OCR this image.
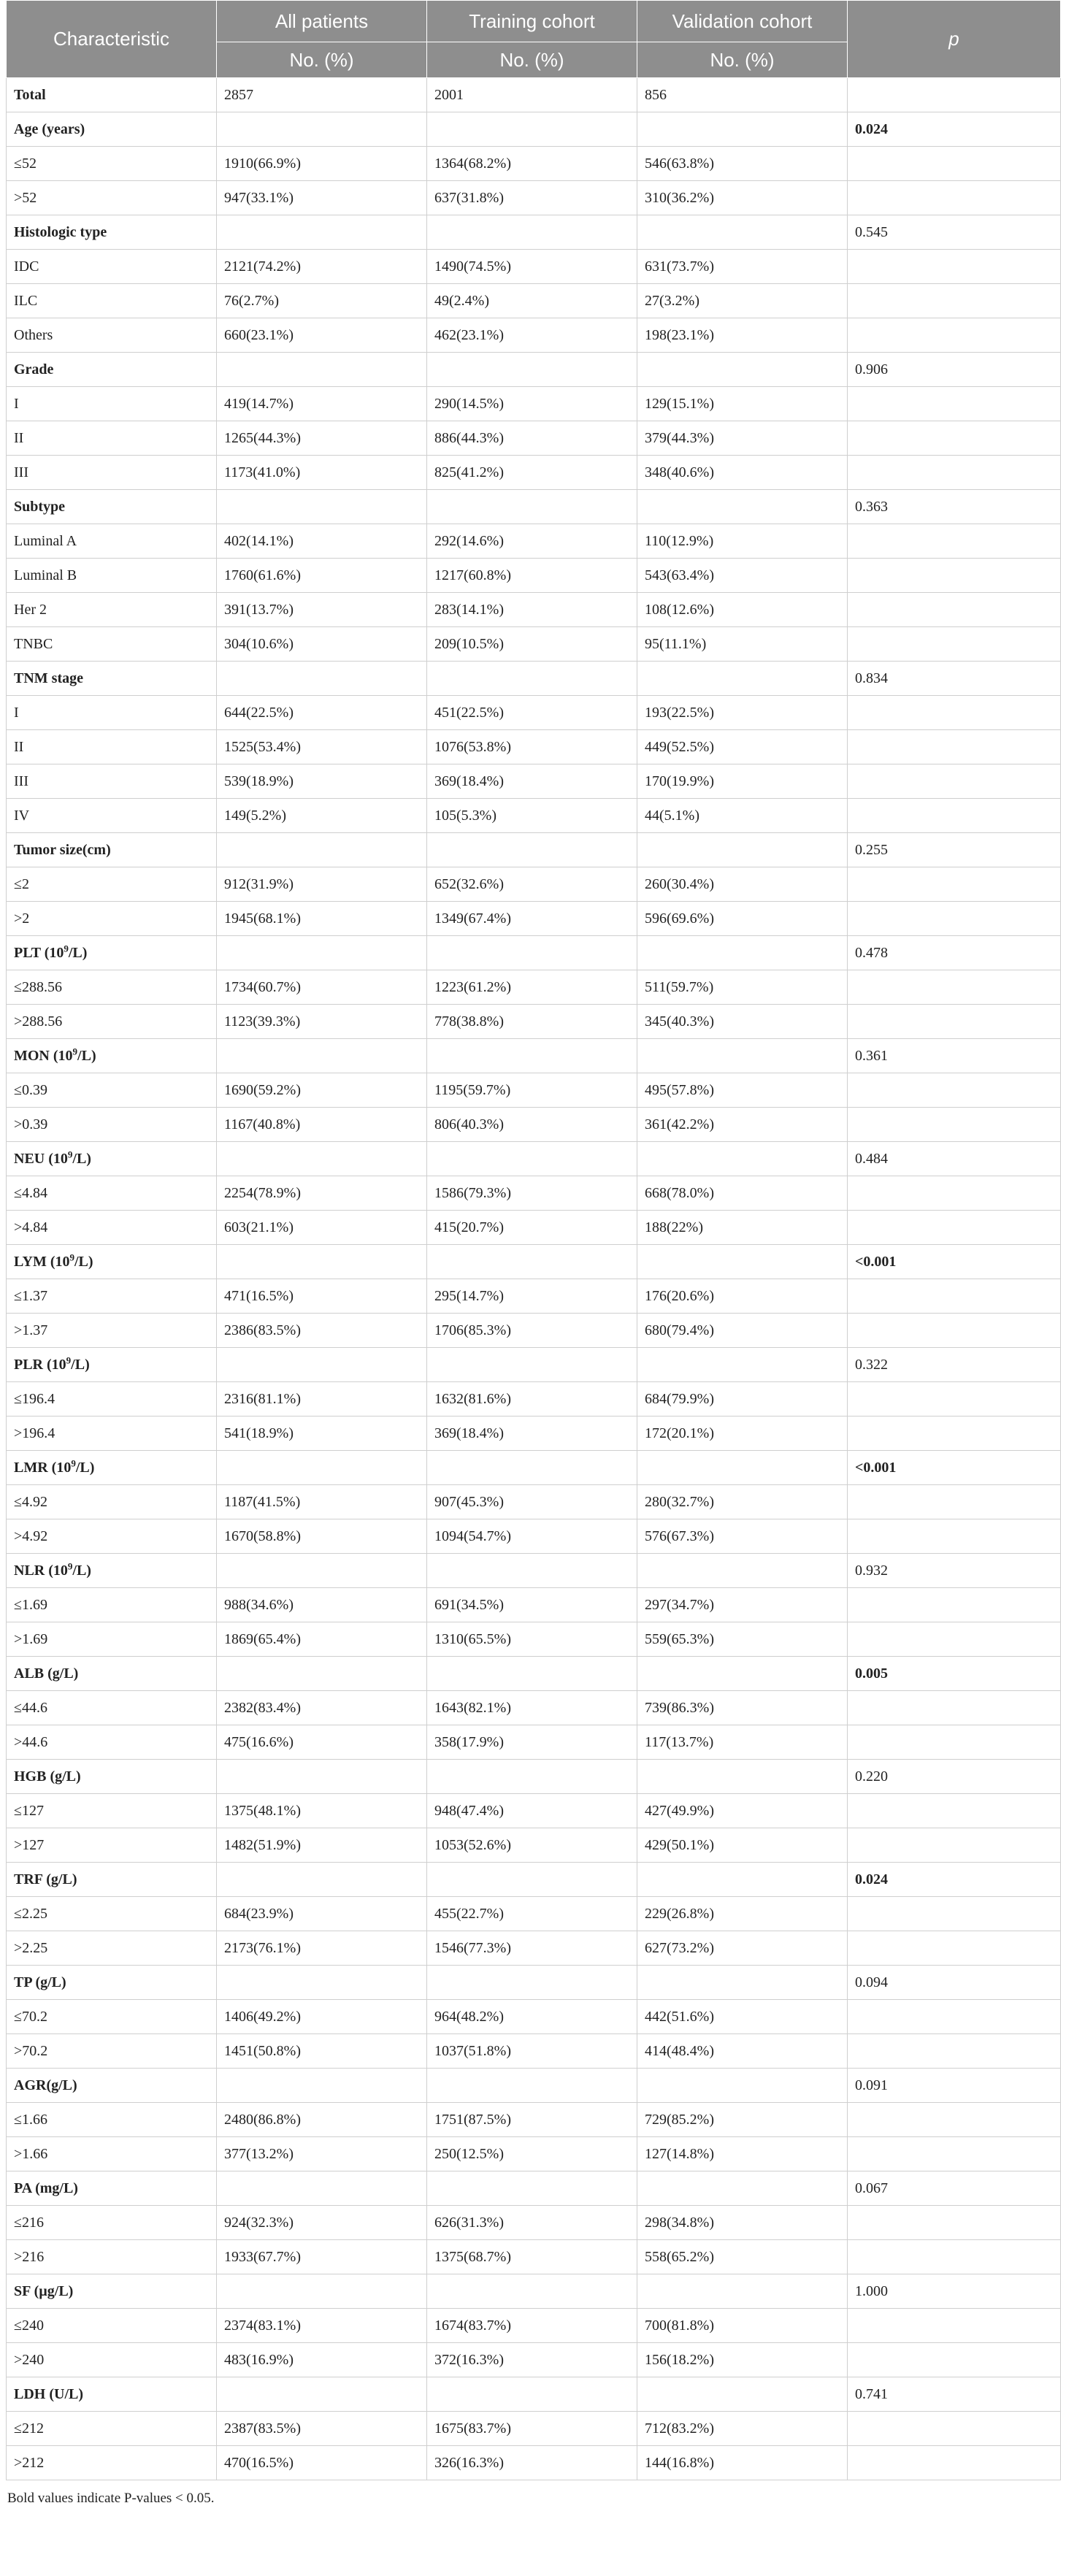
Characteristic	All patients	Training cohort	Validation cohort	p
	No. (%)	No. (%)	No. (%)	
Total	2857	2001	856	
Age (years)				0.024
≤52	1910(66.9%)	1364(68.2%)	546(63.8%)	
>52	947(33.1%)	637(31.8%)	310(36.2%)	
Histologic type				0.545
IDC	2121(74.2%)	1490(74.5%)	631(73.7%)	
ILC	76(2.7%)	49(2.4%)	27(3.2%)	
Others	660(23.1%)	462(23.1%)	198(23.1%)	
Grade				0.906
I	419(14.7%)	290(14.5%)	129(15.1%)	
II	1265(44.3%)	886(44.3%)	379(44.3%)	
III	1173(41.0%)	825(41.2%)	348(40.6%)	
Subtype				0.363
Luminal A	402(14.1%)	292(14.6%)	110(12.9%)	
Luminal B	1760(61.6%)	1217(60.8%)	543(63.4%)	
Her 2	391(13.7%)	283(14.1%)	108(12.6%)	
TNBC	304(10.6%)	209(10.5%)	95(11.1%)	
TNM stage				0.834
I	644(22.5%)	451(22.5%)	193(22.5%)	
II	1525(53.4%)	1076(53.8%)	449(52.5%)	
III	539(18.9%)	369(18.4%)	170(19.9%)	
IV	149(5.2%)	105(5.3%)	44(5.1%)	
Tumor size(cm)				0.255
≤2	912(31.9%)	652(32.6%)	260(30.4%)	
>2	1945(68.1%)	1349(67.4%)	596(69.6%)	
PLT $(10^9/L)$				0.478
≤288.56	1734(60.7%)	1223(61.2%)	511(59.7%)	
>288.56	1123(39.3%)	778(38.8%)	345(40.3%)	
MON $(10^9/L)$				0.361
≤0.39	1690(59.2%)	1195(59.7%)	495(57.8%)	
>0.39	1167(40.8%)	806(40.3%)	361(42.2%)	
NEU $(10^9/L)$				0.484
≤4.84	2254(78.9%)	1586(79.3%)	668(78.0%)	
>4.84	603(21.1%)	415(20.7%)	188(22%)	
LYM $(10^9/L)$				<0.001
≤1.37	471(16.5%)	295(14.7%)	176(20.6%)	
>1.37	2386(83.5%)	1706(85.3%)	680(79.4%)	
PLR $(10^9/L)$				0.322
≤196.4	2316(81.1%)	1632(81.6%)	684(79.9%)	
>196.4	541(18.9%)	369(18.4%)	172(20.1%)	
LMR $(10^9/L)$				<0.001
≤4.92	1187(41.5%)	907(45.3%)	280(32.7%)	
>4.92	1670(58.8%)	1094(54.7%)	576(67.3%)	
NLR $(10^9/L)$				0.932
≤1.69	988(34.6%)	691(34.5%)	297(34.7%)	
>1.69	1869(65.4%)	1310(65.5%)	559(65.3%)	
ALB (g/L)				0.005
≤44.6	2382(83.4%)	1643(82.1%)	739(86.3%)	
>44.6	475(16.6%)	358(17.9%)	117(13.7%)	
HGB (g/L)				0.220
≤127	1375(48.1%)	948(47.4%)	427(49.9%)	
>127	1482(51.9%)	1053(52.6%)	429(50.1%)	
TRF (g/L)				0.024
≤2.25	684(23.9%)	455(22.7%)	229(26.8%)	
>2.25	2173(76.1%)	1546(77.3%)	627(73.2%)	
TP (g/L)				0.094
≤70.2	1406(49.2%)	964(48.2%)	442(51.6%)	
>70.2	1451(50.8%)	1037(51.8%)	414(48.4%)	
AGR(g/L)				0.091
≤1.66	2480(86.8%)	1751(87.5%)	729(85.2%)	
>1.66	377(13.2%)	250(12.5%)	127(14.8%)	
PA (mg/L)				0.067
≤216	924(32.3%)	626(31.3%)	298(34.8%)	
>216	1933(67.7%)	1375(68.7%)	558(65.2%)	
SF (µg/L)				1.000
≤240	2374(83.1%)	1674(83.7%)	700(81.8%)	
>240	483(16.9%)	372(16.3%)	156(18.2%)	
LDH (U/L)				0.741
≤212	2387(83.5%)	1675(83.7%)	712(83.2%)	
>212	470(16.5%)	326(16.3%)	144(16.8%)	
Bold values indicate P-values < 0.05.
